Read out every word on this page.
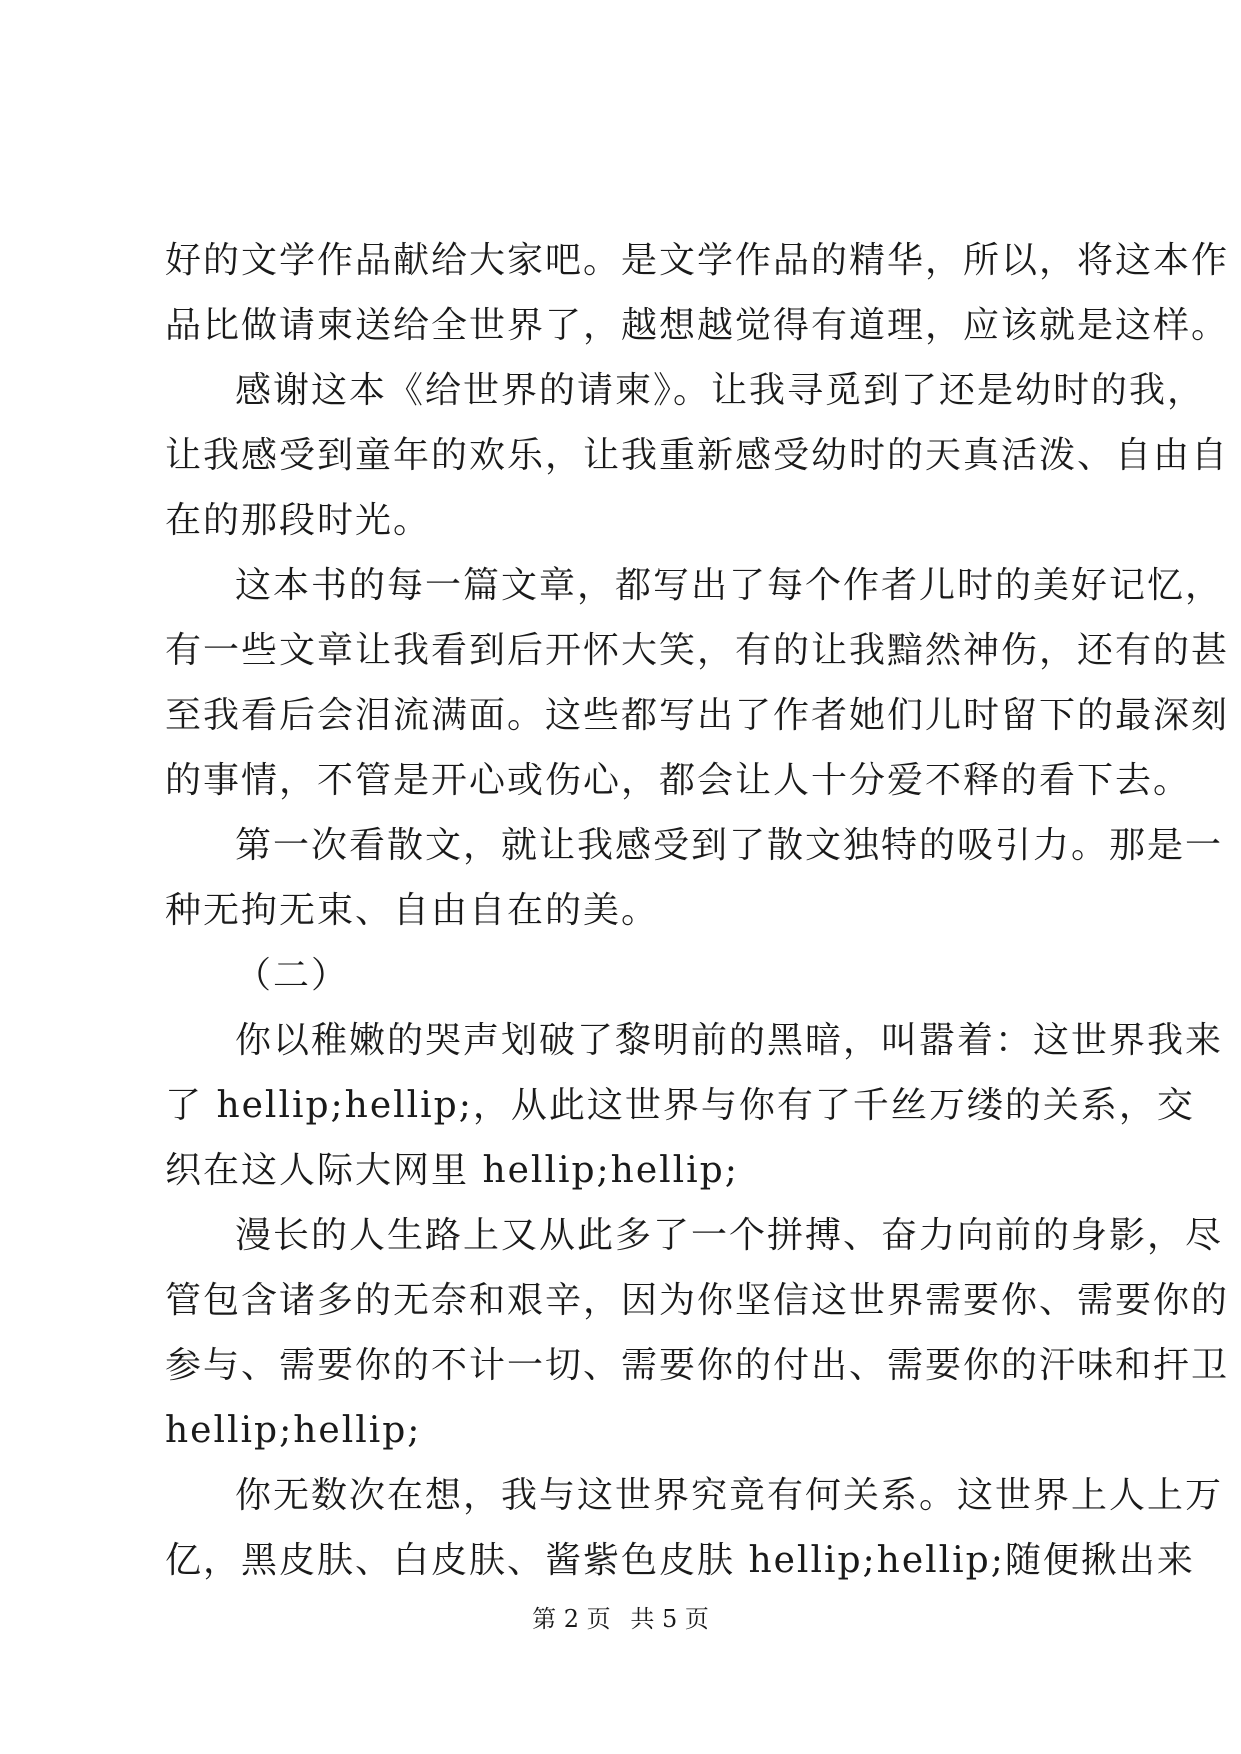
好的文学作品献给大家吧。是文学作品的精华，所以，将这本作
品比做请柬送给全世界了，越想越觉得有道理，应该就是这样。
感谢这本《给世界的请柬》。让我寻觅到了还是幼时的我，
让我感受到童年的欢乐，让我重新感受幼时的天真活泼、自由自
在的那段时光。
这本书的每一篇文章，都写出了每个作者儿时的美好记忆，
有一些文章让我看到后开怀大笑，有的让我黯然神伤，还有的甚
至我看后会泪流满面。这些都写出了作者她们儿时留下的最深刻
的事情，不管是开心或伤心，都会让人十分爱不释的看下去。
第一次看散文，就让我感受到了散文独特的吸引力。那是一
种无拘无束、自由自在的美。
（二）
你以稚嫩的哭声划破了黎明前的黑暗，叫嚣着：这世界我来
了 hellip;hellip;，从此这世界与你有了千丝万缕的关系，交
织在这人际大网里 hellip;hellip;
漫长的人生路上又从此多了一个拼搏、奋力向前的身影，尽
管包含诸多的无奈和艰辛，因为你坚信这世界需要你、需要你的
参与、需要你的不计一切、需要你的付出、需要你的汗味和扞卫
hellip;hellip;
你无数次在想，我与这世界究竟有何关系。这世界上人上万
亿，黑皮肤、白皮肤、酱紫色皮肤 hellip;hellip;随便揪出来
第 2 页 共 5 页
